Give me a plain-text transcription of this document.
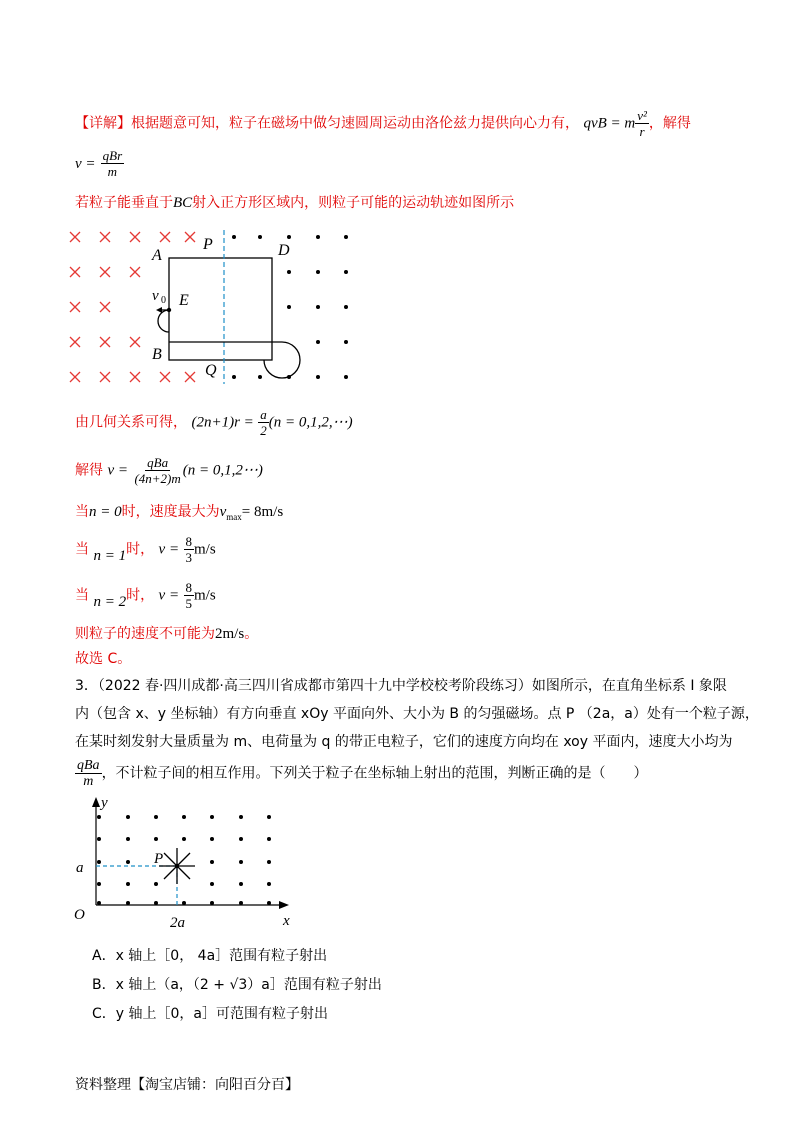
【详解】根据题意可知，粒子在磁场中做匀速圆周运动由洛伦兹力提供向心力有， qvB = m $\frac{\text{v²}}{r}$ ，解得
$v = \frac{\text{qBr}}{m}$
若粒子能垂直于BC射入正方形区域内，则粒子可能的运动轨迹如图所示
A
P	D
v 0 E
B
Q
由几何关系可得， $(2n+1)r = \frac{a}{2} (n$ = 0,1,2,⋯)
解得 $v = \frac{\text{qBa}}{(4n+2)m} (n$ = 0,1,2⋯)
当n = 0时，速度最大为$v_{max}= 8m/s$
当 n = 1时， $v = \frac{8}{3} m/s$
当 n = 2时， $v = \frac{8}{5} m/s$
则粒子的速度不可能为2m/s。
故选 C。
3．（2022 春·四川成都·高三四川省成都市第四十九中学校校考阶段练习）如图所示，在直角坐标系 I 象限
内（包含 x、y 坐标轴）有方向垂直 xOy 平面向外、大小为 B 的匀强磁场。点 P （2a，a）处有一个粒子源，
在某时刻发射大量质量为 m、电荷量为 q 的带正电粒子，它们的速度方向均在 xoy 平面内，速度大小均为
$\frac{\text{qBa}}{m}$ ，不计粒子间的相互作用。下列关于粒子在坐标轴上射出的范围，判断正确的是（　　）
y
x
O
a
P
2a
A．x 轴上［0， 4a］范围有粒子射出
B．x 轴上（a，（2 + √3）a］范围有粒子射出
C．y 轴上［0，a］可范围有粒子射出
资料整理【淘宝店铺：向阳百分百】
